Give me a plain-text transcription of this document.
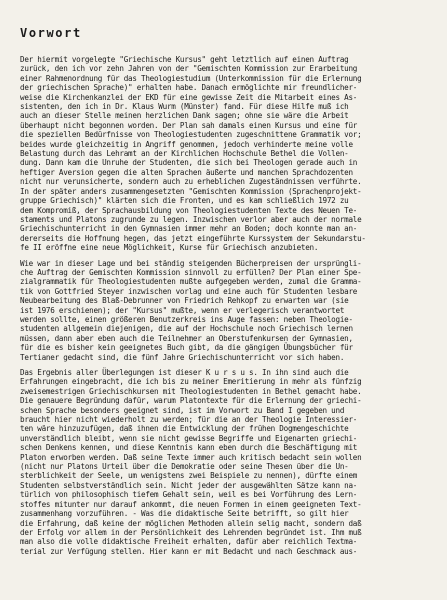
Vorwort
Der hiermit vorgelegte "Griechische Kursus" geht letztlich auf einen Auftrag
zurück, den ich vor zehn Jahren von der "Gemischten Kommission zur Erarbeitung
einer Rahmenordnung für das Theologiestudium (Unterkommission für die Erlernung
der griechischen Sprache)" erhalten habe. Danach ermöglichte mir freundlicher-
weise die Kirchenkanzlei der EKD für eine gewisse Zeit die Mitarbeit eines As-
sistenten, den ich in Dr. Klaus Wurm (Münster) fand. Für diese Hilfe muß ich
auch an dieser Stelle meinen herzlichen Dank sagen; ohne sie wäre die Arbeit
überhaupt nicht begonnen worden. Der Plan sah damals einen Kursus und eine für
die speziellen Bedürfnisse von Theologiestudenten zugeschnittene Grammatik vor;
beides wurde gleichzeitig in Angriff genommen, jedoch verhinderte meine volle
Belastung durch das Lehramt an der Kirchlichen Hochschule Bethel die Vollen-
dung. Dann kam die Unruhe der Studenten, die sich bei Theologen gerade auch in
heftiger Aversion gegen die alten Sprachen äußerte und manchen Sprachdozenten
nicht nur verunsicherte, sondern auch zu erheblichen Zugeständnissen verführte.
In der später anders zusammengesetzten "Gemischten Kommission (Sprachenprojekt-
gruppe Griechisch)" klärten sich die Fronten, und es kam schließlich 1972 zu
dem Kompromiß, der Sprachausbildung von Theologiestudenten Texte des Neuen Te-
staments und Platons zugrunde zu legen. Inzwischen verlor aber auch der normale
Griechischunterricht in den Gymnasien immer mehr an Boden; doch konnte man an-
dererseits die Hoffnung hegen, das jetzt eingeführte Kurssystem der Sekundarstu-
fe II eröffne eine neue Möglichkeit, Kurse für Griechisch anzubieten.
Wie war in dieser Lage und bei ständig steigenden Bücherpreisen der ursprüngli-
che Auftrag der Gemischten Kommission sinnvoll zu erfüllen? Der Plan einer Spe-
zialgrammatik für Theologiestudenten mußte aufgegeben werden, zumal die Gramma-
tik von Gottfried Steyer inzwischen vorlag und eine auch für Studenten lesbare
Neubearbeitung des Blaß-Debrunner von Friedrich Rehkopf zu erwarten war (sie
ist 1976 erschienen); der "Kursus" mußte, wenn er verlegerisch verantwortet
werden sollte, einen größeren Benutzerkreis ins Auge fassen: neben Theologie-
studenten allgemein diejenigen, die auf der Hochschule noch Griechisch lernen
müssen, dann aber eben auch die Teilnehmer an Oberstufenkursen der Gymnasien,
für die es bisher kein geeignetes Buch gibt, da die gängigen Übungsbücher für
Tertianer gedacht sind, die fünf Jahre Griechischunterricht vor sich haben.
Das Ergebnis aller Überlegungen ist dieser K u r s u s. In ihn sind auch die
Erfahrungen eingebracht, die ich bis zu meiner Emeritierung in mehr als fünfzig
zweisemestrigen Griechischkursen mit Theologiestudenten in Bethel gemacht habe.
Die genauere Begründung dafür, warum Platontexte für die Erlernung der griechi-
schen Sprache besonders geeignet sind, ist im Vorwort zu Band I gegeben und
braucht hier nicht wiederholt zu werden; für die an der Theologie Interessier-
ten wäre hinzuzufügen, daß ihnen die Entwicklung der frühen Dogmengeschichte
unverständlich bleibt, wenn sie nicht gewisse Begriffe und Eigenarten griechi-
schen Denkens kennen, und diese Kenntnis kann eben durch die Beschäftigung mit
Platon erworben werden. Daß seine Texte immer auch kritisch bedacht sein wollen
(nicht nur Platons Urteil über die Demokratie oder seine Thesen über die Un-
sterblichkeit der Seele, um wenigstens zwei Beispiele zu nennen), dürfte einem
Studenten selbstverständlich sein. Nicht jeder der ausgewählten Sätze kann na-
türlich von philosophisch tiefem Gehalt sein, weil es bei Vorführung des Lern-
stoffes mitunter nur darauf ankommt, die neuen Formen in einem geeigneten Text-
zusammenhang vorzuführen. - Was die didaktische Seite betrifft, so gilt hier
die Erfahrung, daß keine der möglichen Methoden allein selig macht, sondern daß
der Erfolg vor allem in der Persönlichkeit des Lehrenden begründet ist. Ihm muß
man also die volle didaktische Freiheit erhalten, dafür aber reichlich Textma-
terial zur Verfügung stellen. Hier kann er mit Bedacht und nach Geschmack aus-
